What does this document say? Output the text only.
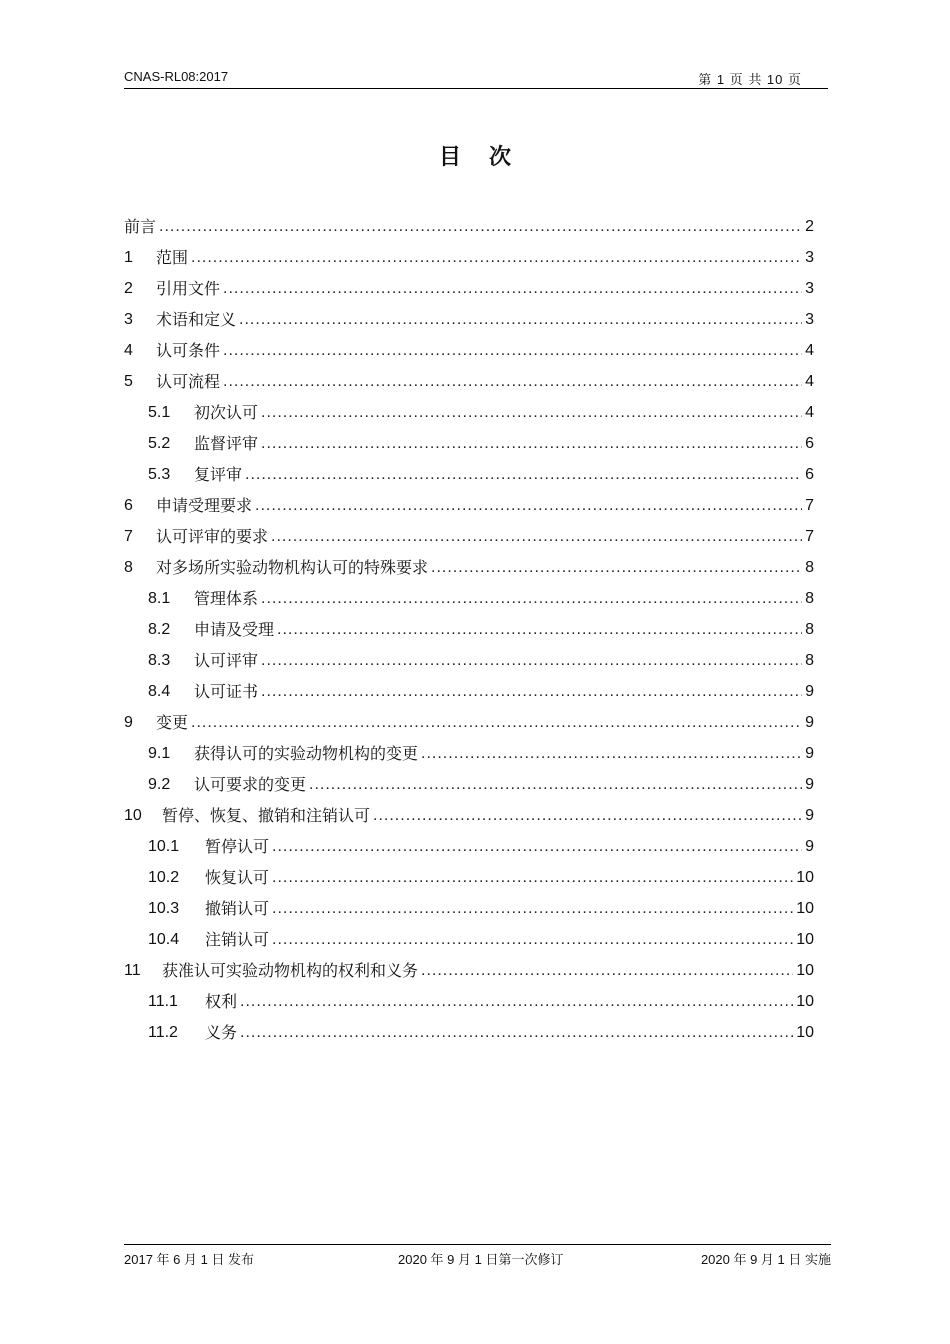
CNAS-RL08:2017	第 1 页 共 10 页
目次
前言 .....	2
1	范围 .....	3
2	引用文件 .....	3
3	术语和定义 .....	3
4	认可条件 .....	4
5	认可流程 .....	4
5.1	初次认可 .....	4
5.2	监督评审 .....	6
5.3	复评审 .....	6
6	申请受理要求 .....	7
7	认可评审的要求 .....	7
8	对多场所实验动物机构认可的特殊要求 .....	8
8.1	管理体系 .....	8
8.2	申请及受理 .....	8
8.3	认可评审 .....	8
8.4	认可证书 .....	9
9	变更 .....	9
9.1	获得认可的实验动物机构的变更 .....	9
9.2	认可要求的变更 .....	9
10	暂停、恢复、撤销和注销认可 .....	9
10.1	暂停认可 .....	9
10.2	恢复认可 .....	10
10.3	撤销认可 .....	10
10.4	注销认可 .....	10
11	获准认可实验动物机构的权利和义务 .....	10
11.1	权利 .....	10
11.2	义务 .....	10
2017 年 6 月 1 日 发布	2020 年 9 月 1 日第一次修订	2020 年 9 月 1 日 实施
